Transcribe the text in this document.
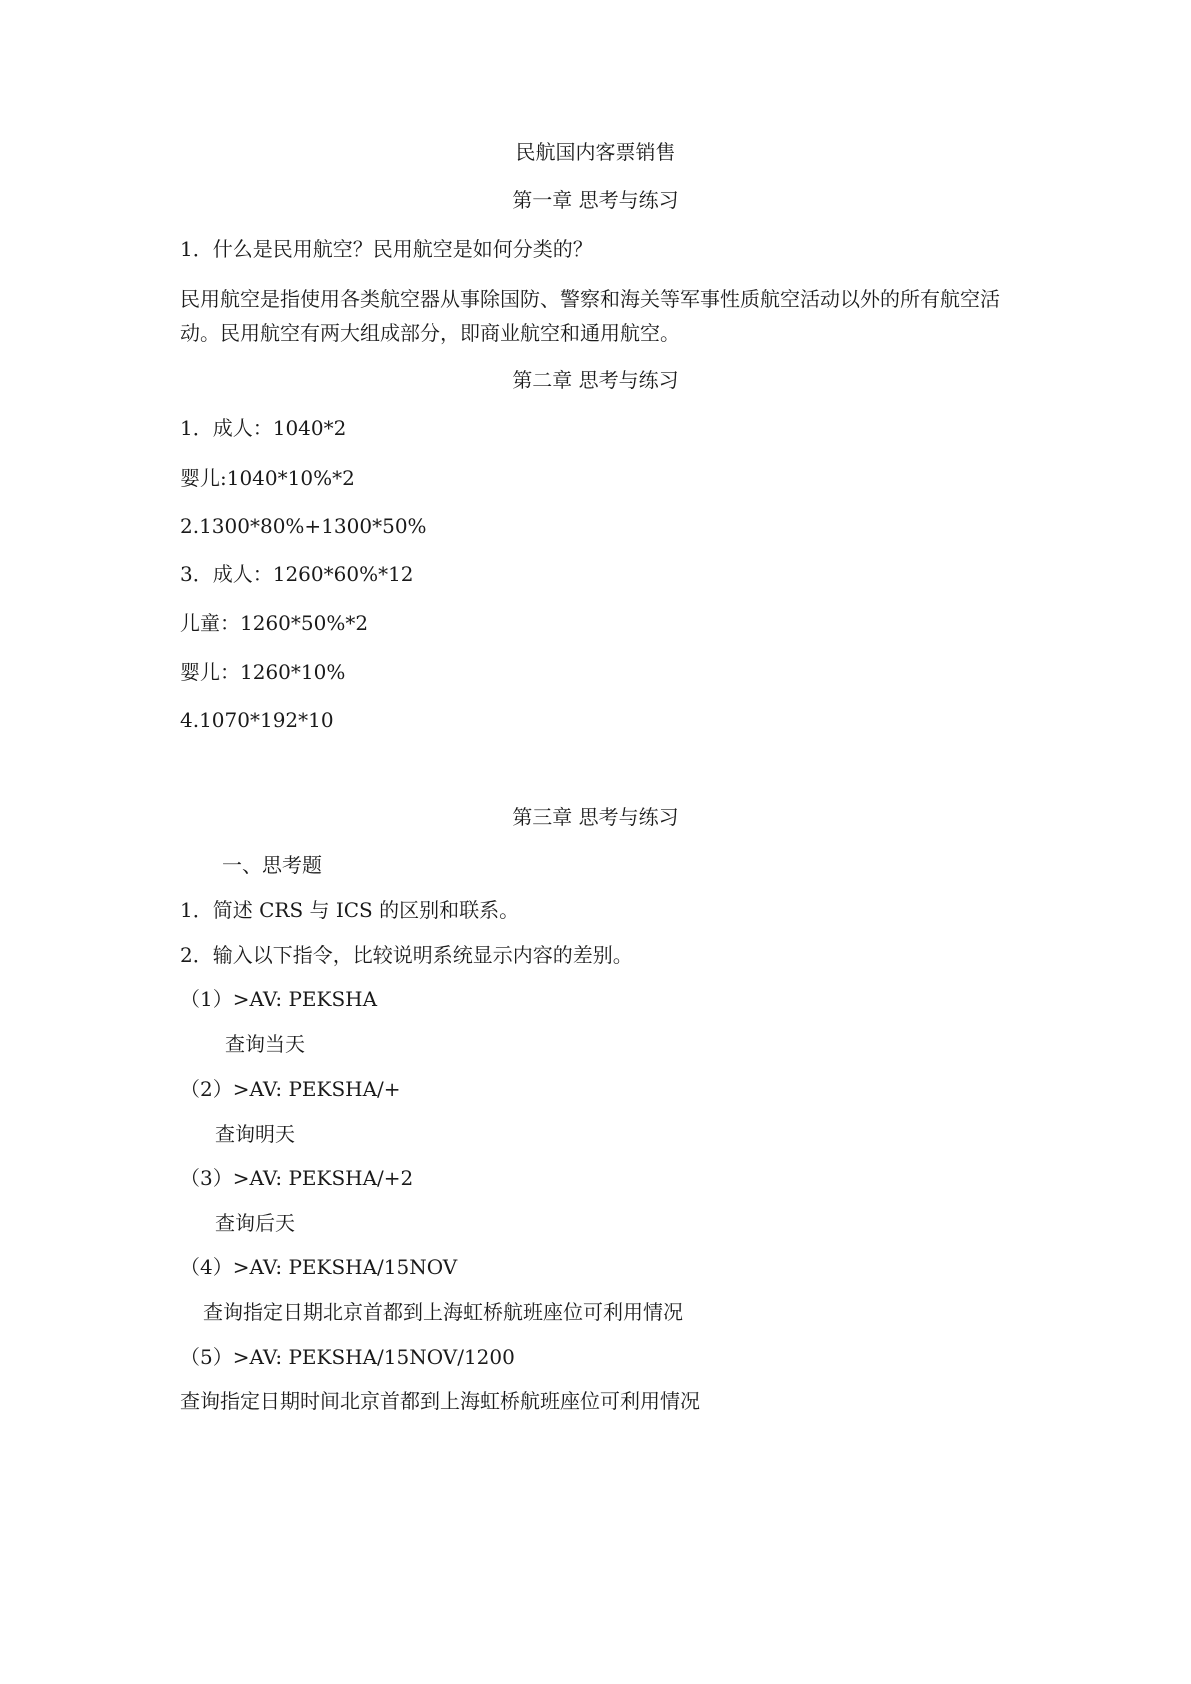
民航国内客票销售
第一章 思考与练习
1．什么是民用航空？民用航空是如何分类的？
民用航空是指使用各类航空器从事除国防、警察和海关等军事性质航空活动以外的所有航空活动。民用航空有两大组成部分，即商业航空和通用航空。
第二章 思考与练习
1．成人：1040*2
婴儿:1040*10%*2
2.1300*80%+1300*50%
3．成人：1260*60%*12
儿童：1260*50%*2
婴儿：1260*10%
4.1070*192*10
第三章 思考与练习
一、思考题
1．简述 CRS 与 ICS 的区别和联系。
2．输入以下指令，比较说明系统显示内容的差别。
（1）>AV: PEKSHA
查询当天
（2）>AV: PEKSHA/+
查询明天
（3）>AV: PEKSHA/+2
查询后天
（4）>AV: PEKSHA/15NOV
查询指定日期北京首都到上海虹桥航班座位可利用情况
（5）>AV: PEKSHA/15NOV/1200
查询指定日期时间北京首都到上海虹桥航班座位可利用情况
